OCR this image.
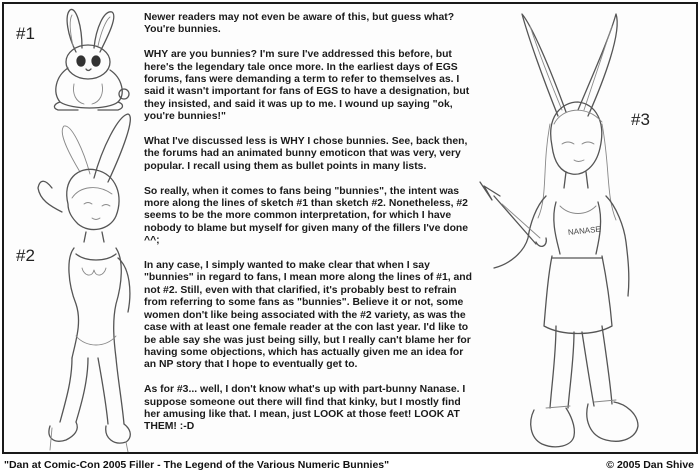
NANASE
#1
#2
#3

Newer readers may not even be aware of this, but guess what? You're bunnies.

WHY are you bunnies? I'm sure I've addressed this before, but here's the legendary tale once more. In the earliest days of EGS forums, fans were demanding a term to refer to themselves as. I said it wasn't important for fans of EGS to have a designation, but they insisted, and said it was up to me. I wound up saying "ok, you're bunnies!"

What I've discussed less is WHY I chose bunnies. See, back then, the forums had an animated bunny emoticon that was very, very popular. I recall using them as bullet points in many lists.

So really, when it comes to fans being "bunnies", the intent was more along the lines of sketch #1 than sketch #2. Nonetheless, #2 seems to be the more common interpretation, for which I have nobody to blame but myself for given many of the fillers I've done ^^;

In any case, I simply wanted to make clear that when I say "bunnies" in regard to fans, I mean more along the lines of #1, and not #2. Still, even with that clarified, it's probably best to refrain from referring to some fans as "bunnies". Believe it or not, some women don't like being associated with the #2 variety, as was the case with at least one female reader at the con last year. I'd like to be able say she was just being silly, but I really can't blame her for having some objections, which has actually given me an idea for an NP story that I hope to eventually get to.

As for #3... well, I don't know what's up with part-bunny Nanase. I suppose someone out there will find that kinky, but I mostly find her amusing like that. I mean, just LOOK at those feet! LOOK AT THEM! :-D

"Dan at Comic-Con 2005 Filler - The Legend of the Various Numeric Bunnies"	© 2005 Dan Shive
